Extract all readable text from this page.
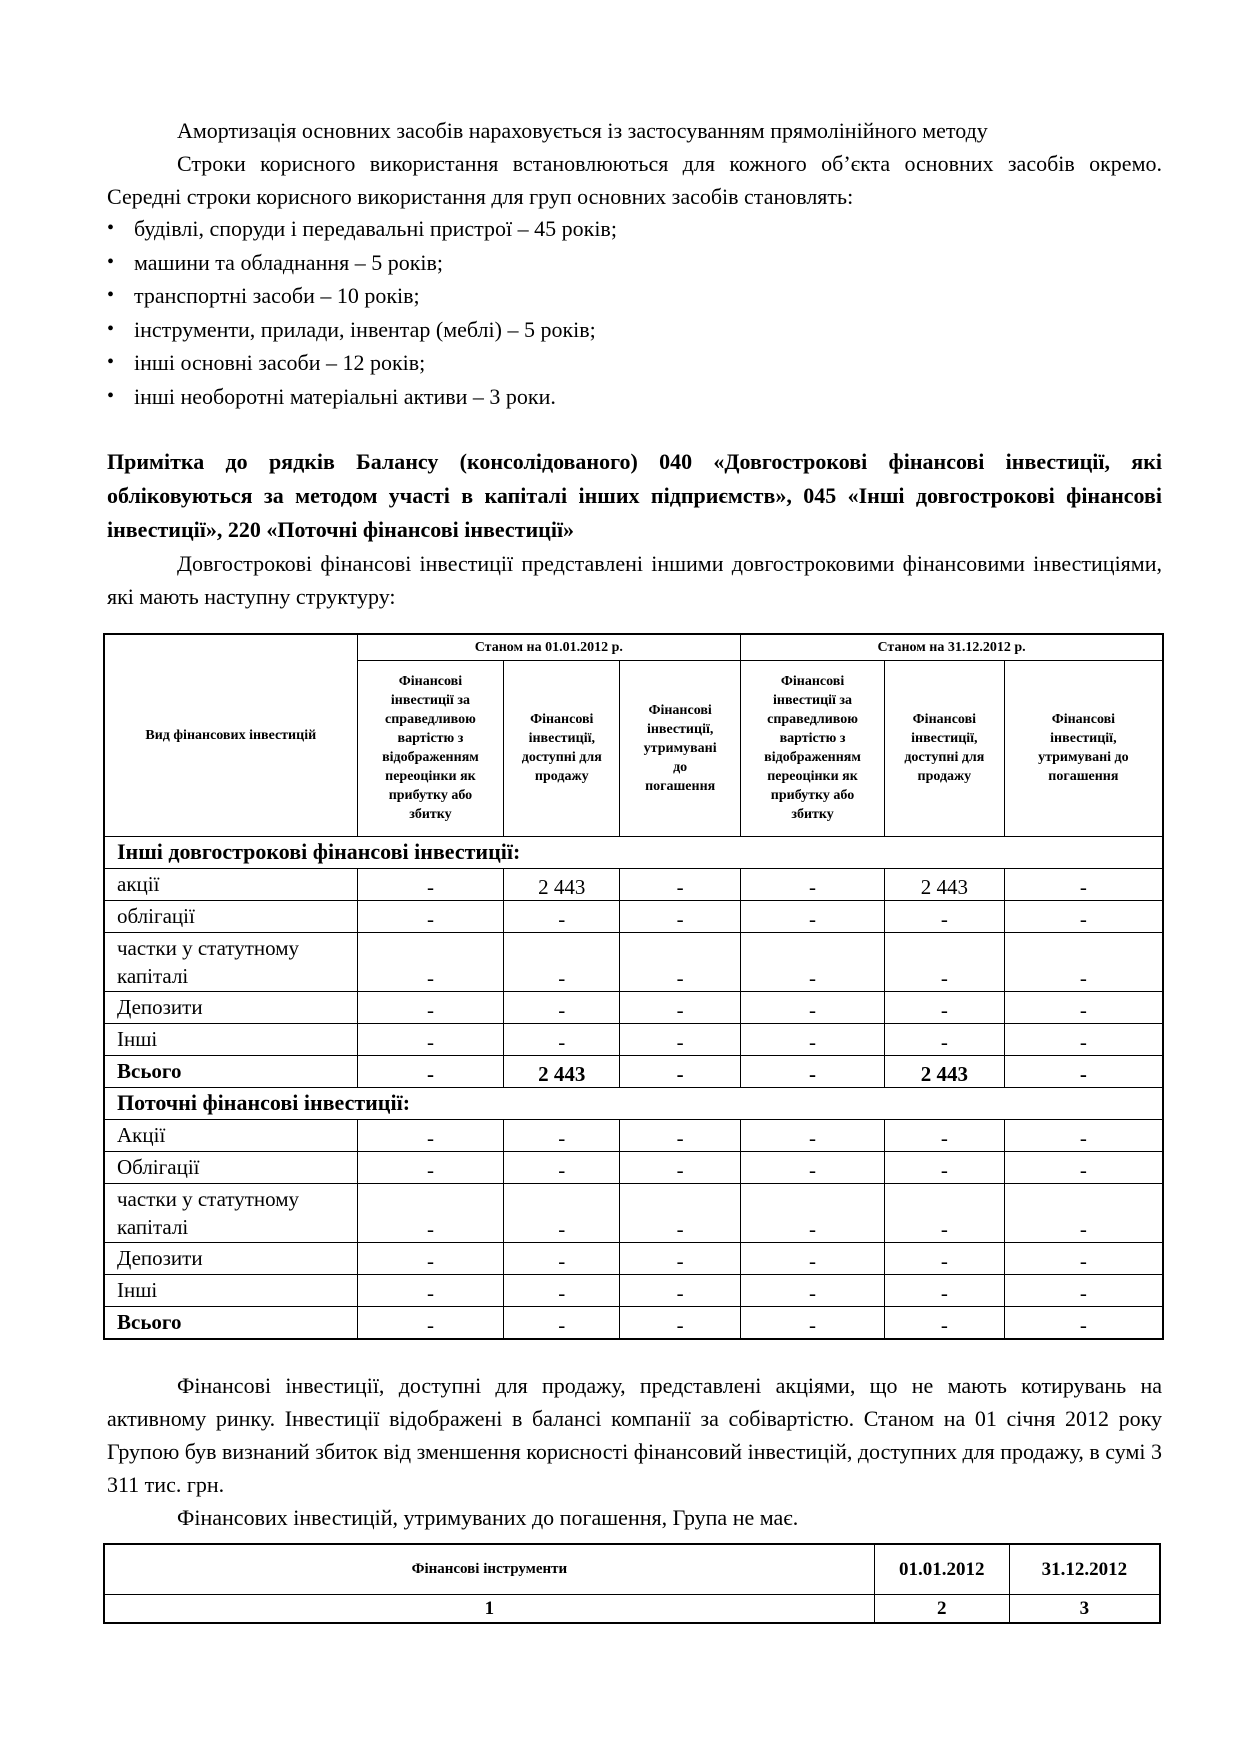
Амортизація основних засобів нараховується із застосуванням прямолінійного методу

Строки корисного використання встановлюються для кожного об’єкта основних засобів окремо. Середні строки корисного використання для груп основних засобів становлять:

• будівлі, споруди і передавальні пристрої – 45 років;
• машини та обладнання – 5 років;
• транспортні засоби – 10 років;
• інструменти, прилади, інвентар (меблі) – 5 років;
• інші основні засоби – 12 років;
• інші необоротні матеріальні активи – 3 роки.

Примітка до рядків Балансу (консолідованого) 040 «Довгострокові фінансові інвестиції, які обліковуються за методом участі в капіталі інших підприємств», 045 «Інші довгострокові фінансові інвестиції», 220 «Поточні фінансові інвестиції»

Довгострокові фінансові інвестиції представлені іншими довгостроковими фінансовими інвестиціями, які мають наступну структуру:

Вид фінансових інвестицій	Станом на 01.01.2012 р.			Станом на 31.12.2012 р.		
	Фінансові інвестиції за справедливою вартістю з відображенням переоцінки як прибутку або збитку	Фінансові інвестиції, доступні для продажу	Фінансові інвестиції, утримувані до погашення	Фінансові інвестиції за справедливою вартістю з відображенням переоцінки як прибутку або збитку	Фінансові інвестиції, доступні для продажу	Фінансові інвестиції, утримувані до погашення
Інші довгострокові фінансові інвестиції:						
акції	-	2 443	-	-	2 443	-
облігації	-	-	-	-	-	-
частки у статутному капіталі	-	-	-	-	-	-
Депозити	-	-	-	-	-	-
Інші	-	-	-	-	-	-
Всього	-	2 443	-	-	2 443	-
Поточні фінансові інвестиції:						
Акції	-	-	-	-	-	-
Облігації	-	-	-	-	-	-
частки у статутному капіталі	-	-	-	-	-	-
Депозити	-	-	-	-	-	-
Інші	-	-	-	-	-	-
Всього	-	-	-	-	-	-

Фінансові інвестиції, доступні для продажу, представлені акціями, що не мають котирувань на активному ринку. Інвестиції відображені в балансі компанії за собівартістю. Станом на 01 січня 2012 року Групою був визнаний збиток від зменшення корисності фінансовий інвестицій, доступних для продажу, в сумі 3 311 тис. грн.

Фінансових інвестицій, утримуваних до погашення, Група не має.

Фінансові інструменти	01.01.2012	31.12.2012
1	2	3
